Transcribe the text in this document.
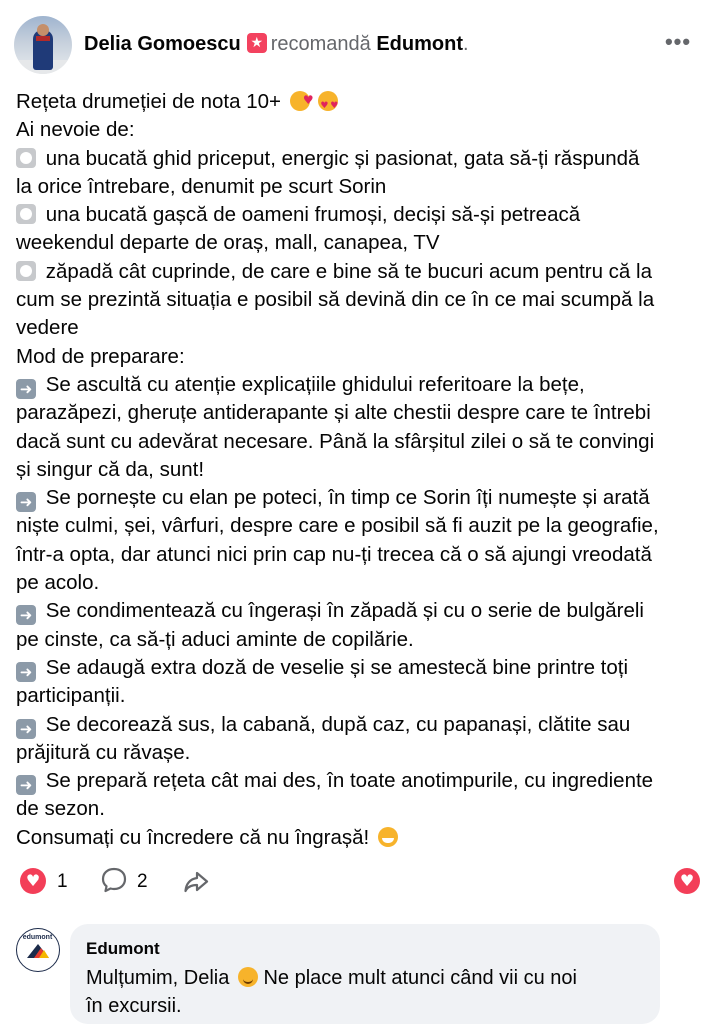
Delia Gomoescu★ recomandă Edumont.	•••
Rețeta drumeției de nota 10+ ♥ ♥ ♥
Ai nevoie de:
una bucată ghid priceput, energic și pasionat, gata să-ți răspundă
la orice întrebare, denumit pe scurt Sorin
una bucată gașcă de oameni frumoși, deciși să-și petreacă
weekendul departe de oraș, mall, canapea, TV
zăpadă cât cuprinde, de care e bine să te bucuri acum pentru că la
cum se prezintă situația e posibil să devină din ce în ce mai scumpă la
vedere
Mod de preparare:
➜ Se ascultă cu atenție explicațiile ghidului referitoare la bețe,
parazăpezi, gheruțe antiderapante și alte chestii despre care te întrebi
dacă sunt cu adevărat necesare. Până la sfârșitul zilei o să te convingi
și singur că da, sunt!
➜ Se pornește cu elan pe poteci, în timp ce Sorin îți numește și arată
niște culmi, șei, vârfuri, despre care e posibil să fi auzit pe la geografie,
într-a opta, dar atunci nici prin cap nu-ți trecea că o să ajungi vreodată
pe acolo.
➜ Se condimentează cu îngerași în zăpadă și cu o serie de bulgăreli
pe cinste, ca să-ți aduci aminte de copilărie.
➜ Se adaugă extra doză de veselie și se amestecă bine printre toți
participanții.
➜ Se decorează sus, la cabană, după caz, cu papanași, clătite sau
prăjitură cu răvașe.
➜ Se prepară rețeta cât mai des, în toate anotimpurile, cu ingrediente
de sezon.
Consumați cu încredere că nu îngrașă!
♥ 1	2	♥
edumont
Edumont
Mulțumim, Delia Ne place mult atunci când vii cu noi
în excursii.
